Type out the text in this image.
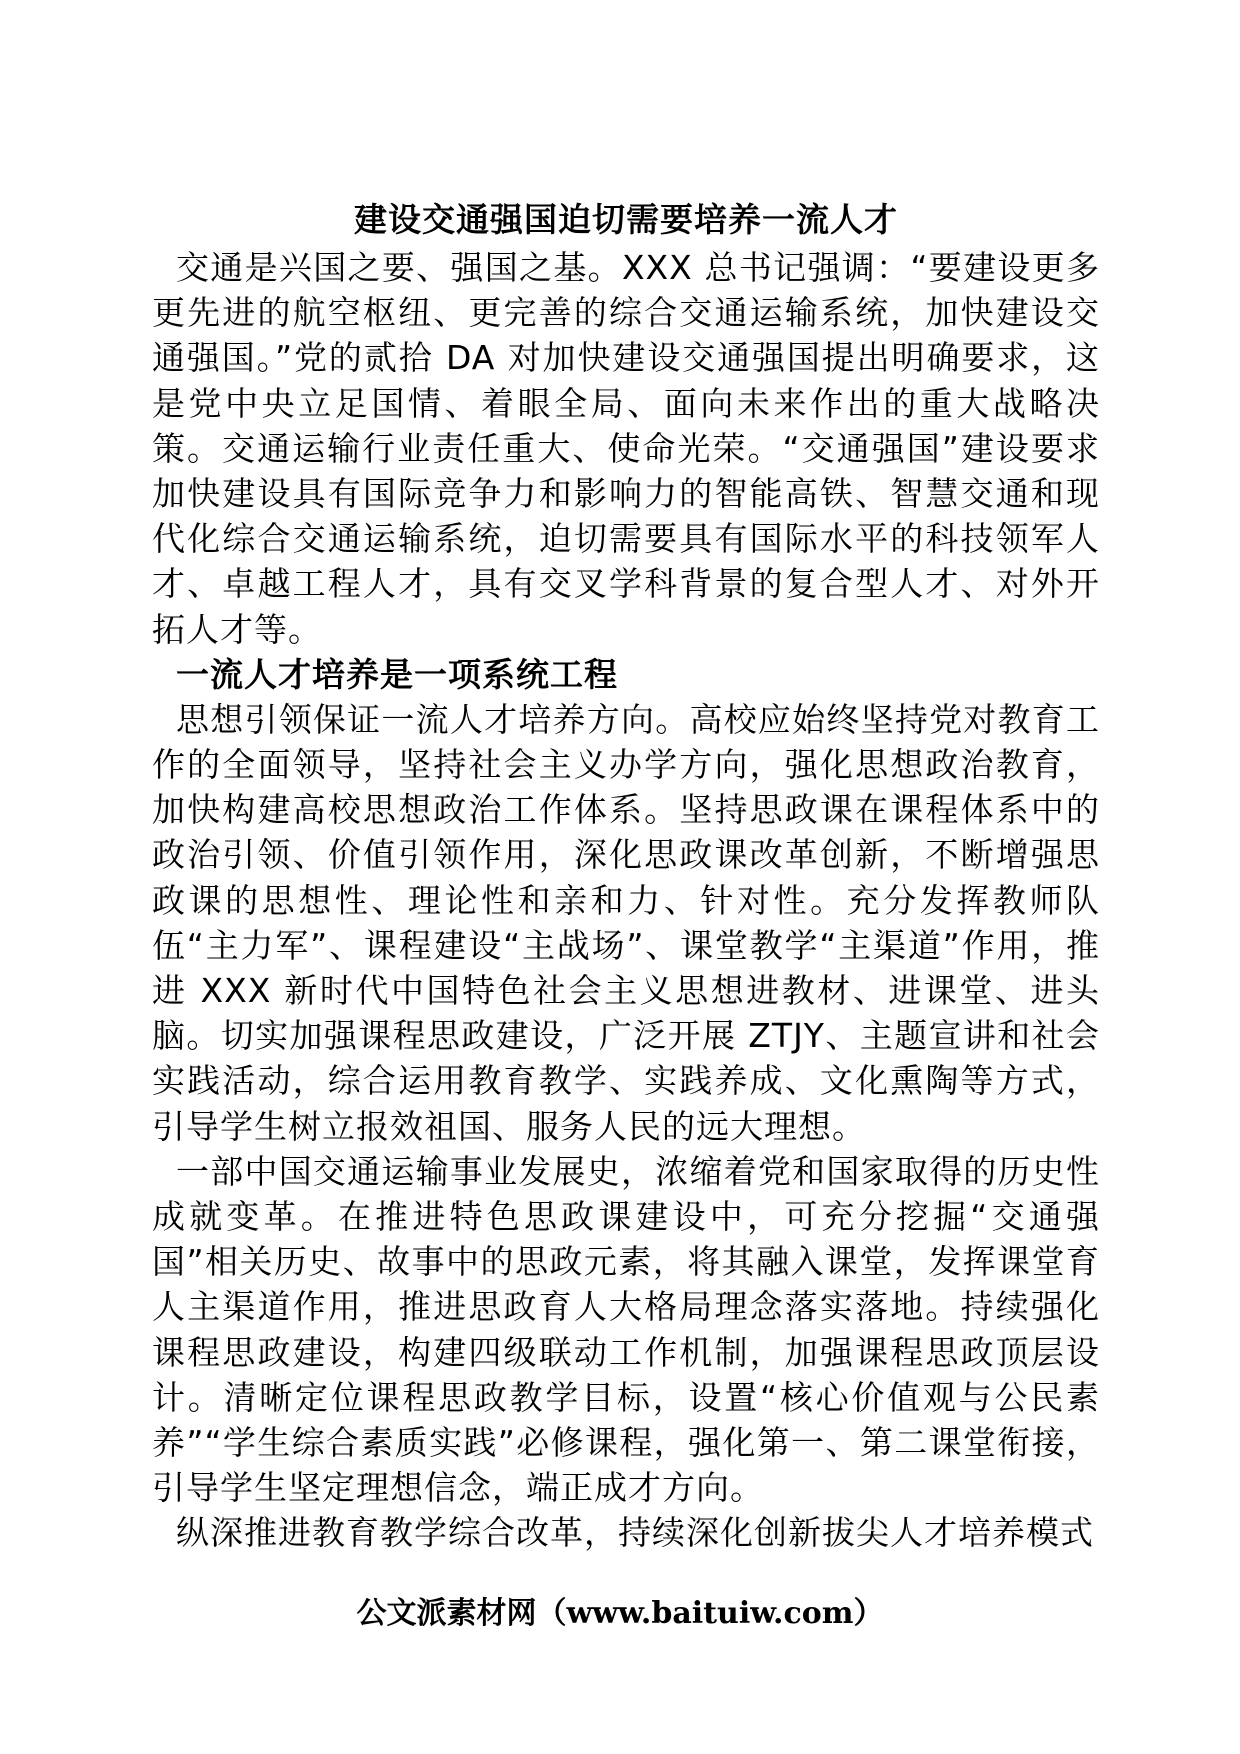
建设交通强国迫切需要培养一流人才

交通是兴国之要、强国之基。XXX 总书记强调：“要建设更多更先进的航空枢纽、更完善的综合交通运输系统，加快建设交通强国。”党的贰拾 DA 对加快建设交通强国提出明确要求，这是党中央立足国情、着眼全局、面向未来作出的重大战略决策。交通运输行业责任重大、使命光荣。“交通强国”建设要求加快建设具有国际竞争力和影响力的智能高铁、智慧交通和现代化综合交通运输系统，迫切需要具有国际水平的科技领军人才、卓越工程人才，具有交叉学科背景的复合型人才、对外开拓人才等。

一流人才培养是一项系统工程

思想引领保证一流人才培养方向。高校应始终坚持党对教育工作的全面领导，坚持社会主义办学方向，强化思想政治教育，加快构建高校思想政治工作体系。坚持思政课在课程体系中的政治引领、价值引领作用，深化思政课改革创新，不断增强思政课的思想性、理论性和亲和力、针对性。充分发挥教师队伍“主力军”、课程建设“主战场”、课堂教学“主渠道”作用，推进 XXX 新时代中国特色社会主义思想进教材、进课堂、进头脑。切实加强课程思政建设，广泛开展 ZTJY、主题宣讲和社会实践活动，综合运用教育教学、实践养成、文化熏陶等方式，引导学生树立报效祖国、服务人民的远大理想。

一部中国交通运输事业发展史，浓缩着党和国家取得的历史性成就变革。在推进特色思政课建设中，可充分挖掘“交通强国”相关历史、故事中的思政元素，将其融入课堂，发挥课堂育人主渠道作用，推进思政育人大格局理念落实落地。持续强化课程思政建设，构建四级联动工作机制，加强课程思政顶层设计。清晰定位课程思政教学目标，设置“核心价值观与公民素养”“学生综合素质实践”必修课程，强化第一、第二课堂衔接，引导学生坚定理想信念，端正成才方向。

纵深推进教育教学综合改革，持续深化创新拔尖人才培养模式

公文派素材网（www.baituiw.com）
